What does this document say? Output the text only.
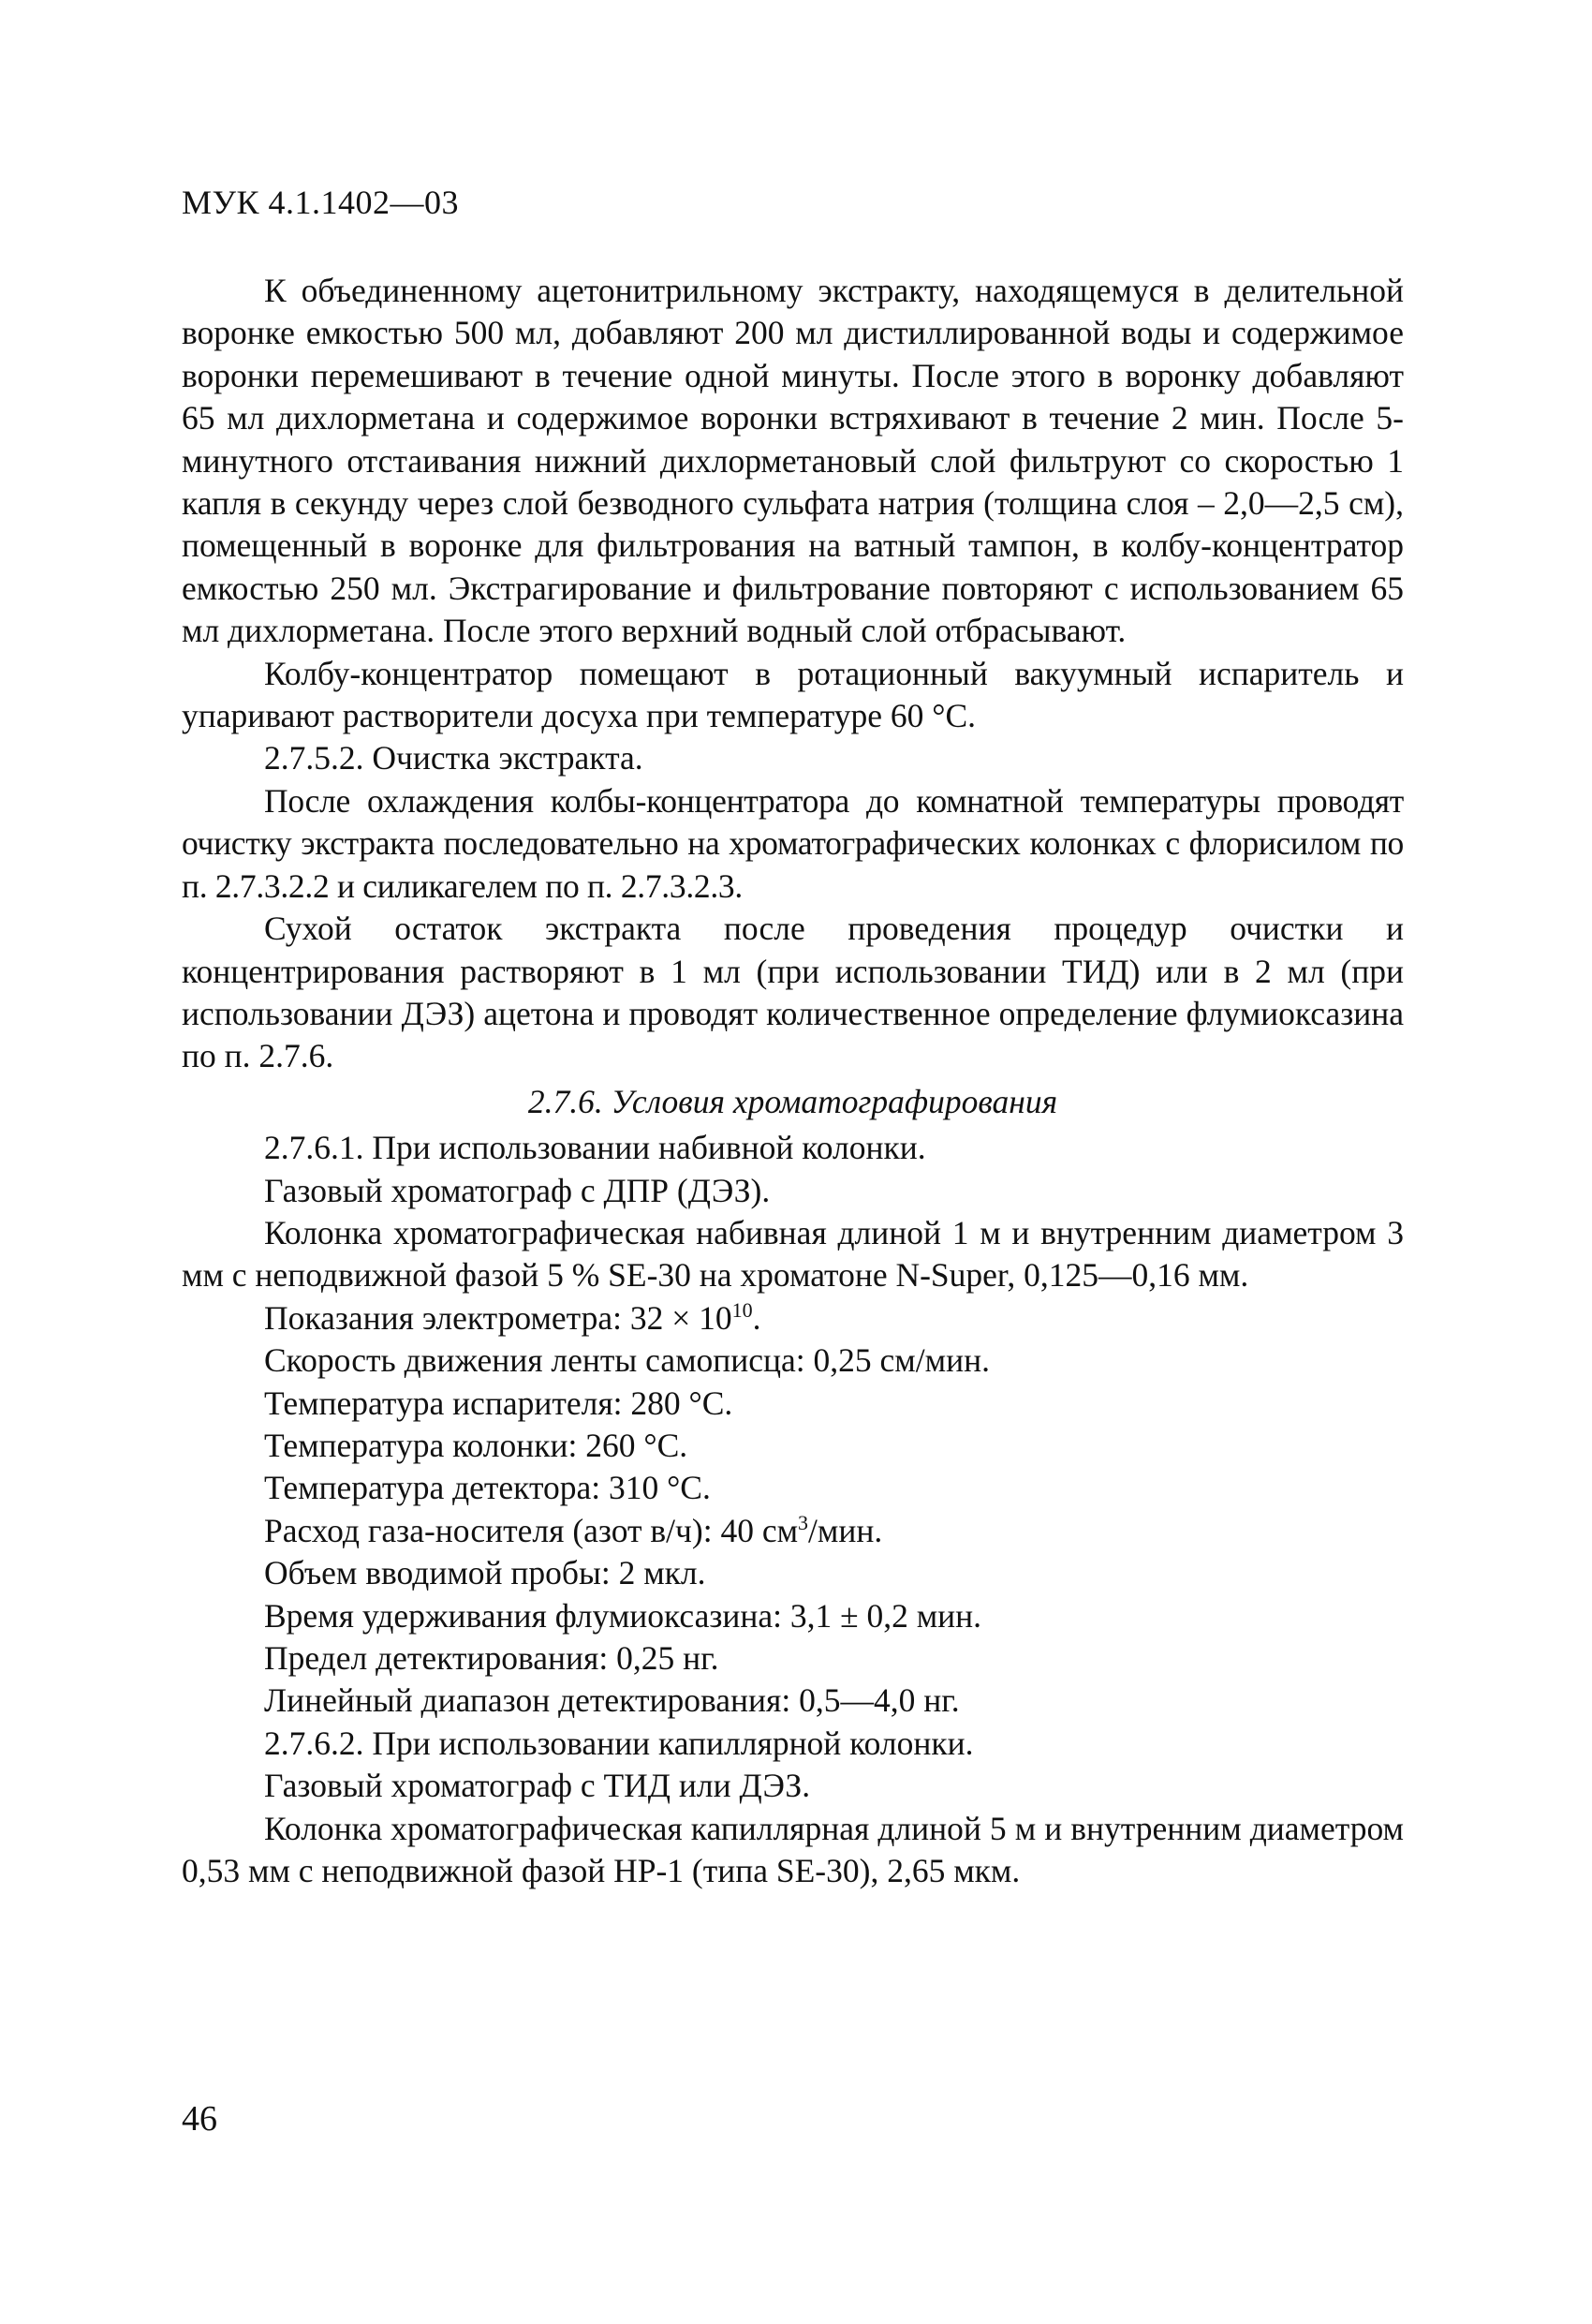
МУК 4.1.1402—03

К объединенному ацетонитрильному экстракту, находящемуся в делительной воронке емкостью 500 мл, добавляют 200 мл дистиллированной воды и содержимое воронки перемешивают в течение одной минуты. После этого в воронку добавляют 65 мл дихлорметана и содержимое воронки встряхивают в течение 2 мин. После 5-минутного отстаивания нижний дихлорметановый слой фильтруют со скоростью 1 капля в секунду через слой безводного сульфата натрия (толщина слоя – 2,0—2,5 см), помещенный в воронке для фильтрования на ватный тампон, в колбу-концентратор емкостью 250 мл. Экстрагирование и фильтрование повторяют с использованием 65 мл дихлорметана. После этого верхний водный слой отбрасывают.

Колбу-концентратор помещают в ротационный вакуумный испаритель и упаривают растворители досуха при температуре 60 °C.

2.7.5.2. Очистка экстракта.

После охлаждения колбы-концентратора до комнатной температуры проводят очистку экстракта последовательно на хроматографических колонках с флорисилом по п. 2.7.3.2.2 и силикагелем по п. 2.7.3.2.3.

Сухой остаток экстракта после проведения процедур очистки и концентрирования растворяют в 1 мл (при использовании ТИД) или в 2 мл (при использовании ДЭЗ) ацетона и проводят количественное определение флумиоксазина по п. 2.7.6.

2.7.6. Условия хроматографирования

2.7.6.1. При использовании набивной колонки.

Газовый хроматограф с ДПР (ДЭЗ).

Колонка хроматографическая набивная длиной 1 м и внутренним диаметром 3 мм с неподвижной фазой 5 % SE-30 на хроматоне N-Super, 0,125—0,16 мм.

Показания электрометра: $32 \times 10^{10}$.

Скорость движения ленты самописца: 0,25 см/мин.

Температура испарителя: 280 °C.

Температура колонки: 260 °C.

Температура детектора: 310 °C.

Расход газа-носителя (азот в/ч): 40 $см^3$/мин.

Объем вводимой пробы: 2 мкл.

Время удерживания флумиоксазина: 3,1 ± 0,2 мин.

Предел детектирования: 0,25 нг.

Линейный диапазон детектирования: 0,5—4,0 нг.

2.7.6.2. При использовании капиллярной колонки.

Газовый хроматограф с ТИД или ДЭЗ.

Колонка хроматографическая капиллярная длиной 5 м и внутренним диаметром 0,53 мм с неподвижной фазой HP-1 (типа SE-30), 2,65 мкм.

46
